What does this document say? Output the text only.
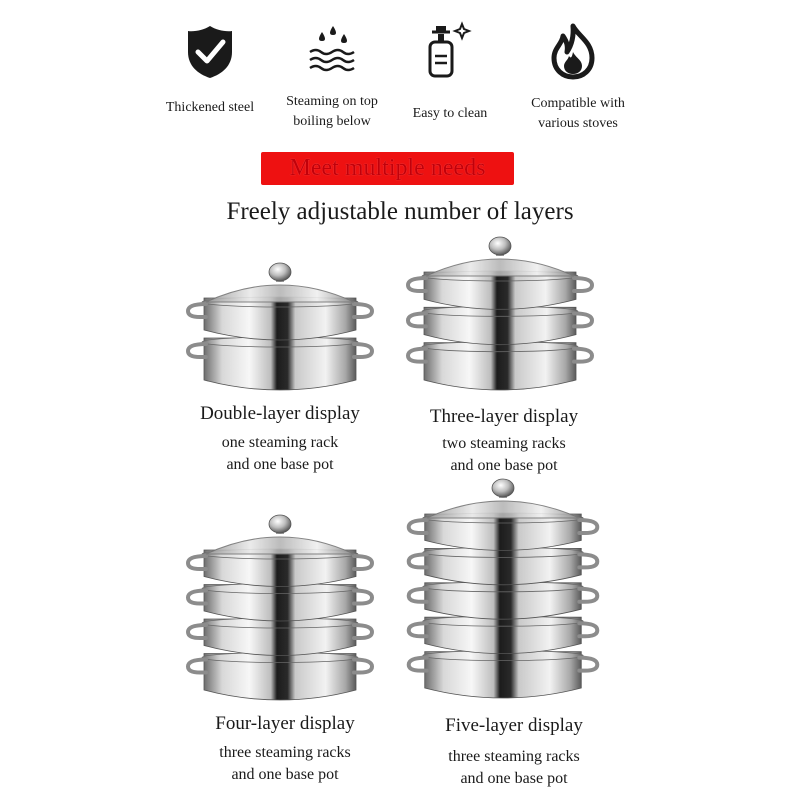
Thickened steel	Steaming on top
boiling below
Easy to clean
Compatible with
various stoves
Meet multiple needs
Freely adjustable number of layers
Double-layer display
one steaming rack
and one base pot
Three-layer display
two steaming racks
and one base pot
Four-layer display
three steaming racks
and one base pot
Five-layer display
three steaming racks
and one base pot
